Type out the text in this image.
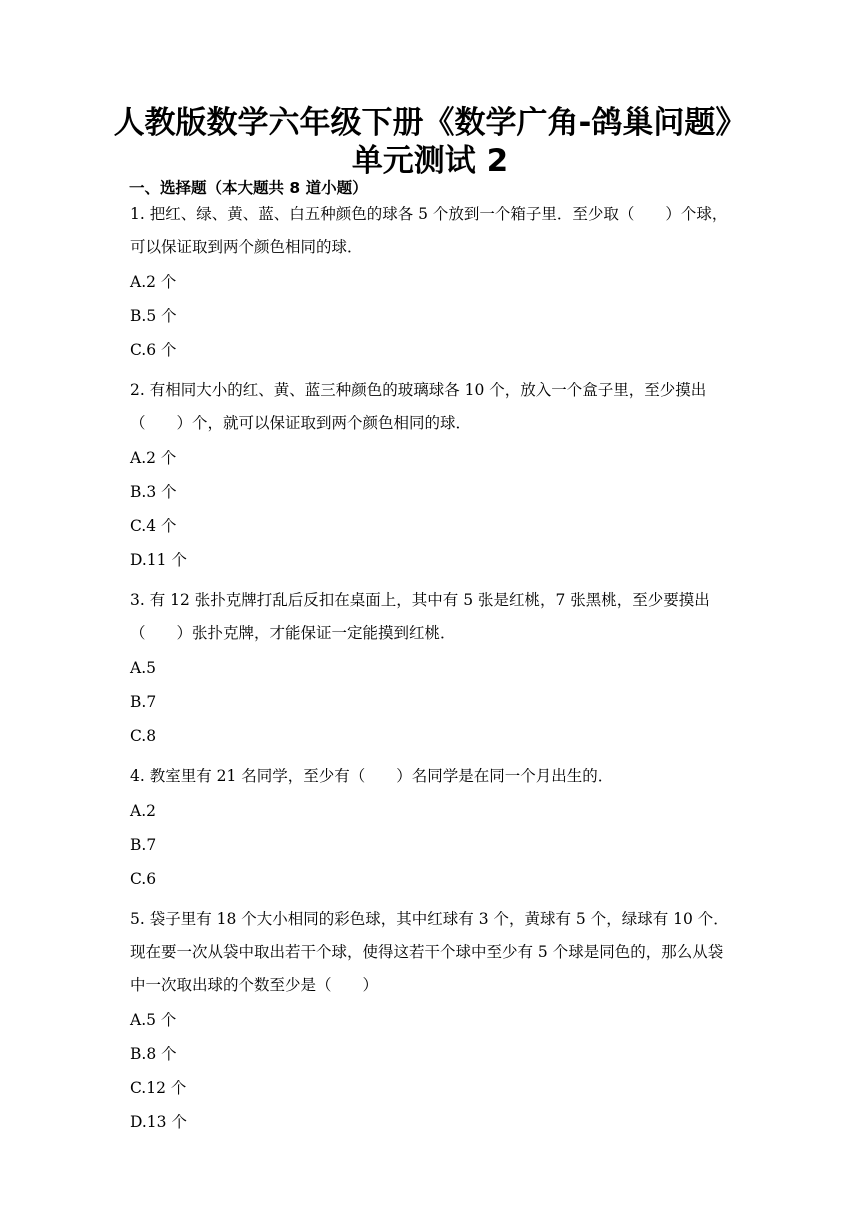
人教版数学六年级下册《数学广角-鸽巢问题》
单元测试 2
一、选择题（本大题共 8 道小题）

1. 把红、绿、黄、蓝、白五种颜色的球各 5 个放到一个箱子里．至少取（　　）个球，可以保证取到两个颜色相同的球．

A.2 个

B.5 个

C.6 个

2. 有相同大小的红、黄、蓝三种颜色的玻璃球各 10 个，放入一个盒子里，至少摸出（　　）个，就可以保证取到两个颜色相同的球．

A.2 个

B.3 个

C.4 个

D.11 个

3. 有 12 张扑克牌打乱后反扣在桌面上，其中有 5 张是红桃，7 张黑桃，至少要摸出（　　）张扑克牌，才能保证一定能摸到红桃．

A.5

B.7

C.8

4. 教室里有 21 名同学，至少有（　　）名同学是在同一个月出生的．

A.2

B.7

C.6

5. 袋子里有 18 个大小相同的彩色球，其中红球有 3 个，黄球有 5 个，绿球有 10 个．现在要一次从袋中取出若干个球，使得这若干个球中至少有 5 个球是同色的，那么从袋中一次取出球的个数至少是（　　）

A.5 个

B.8 个

C.12 个

D.13 个
